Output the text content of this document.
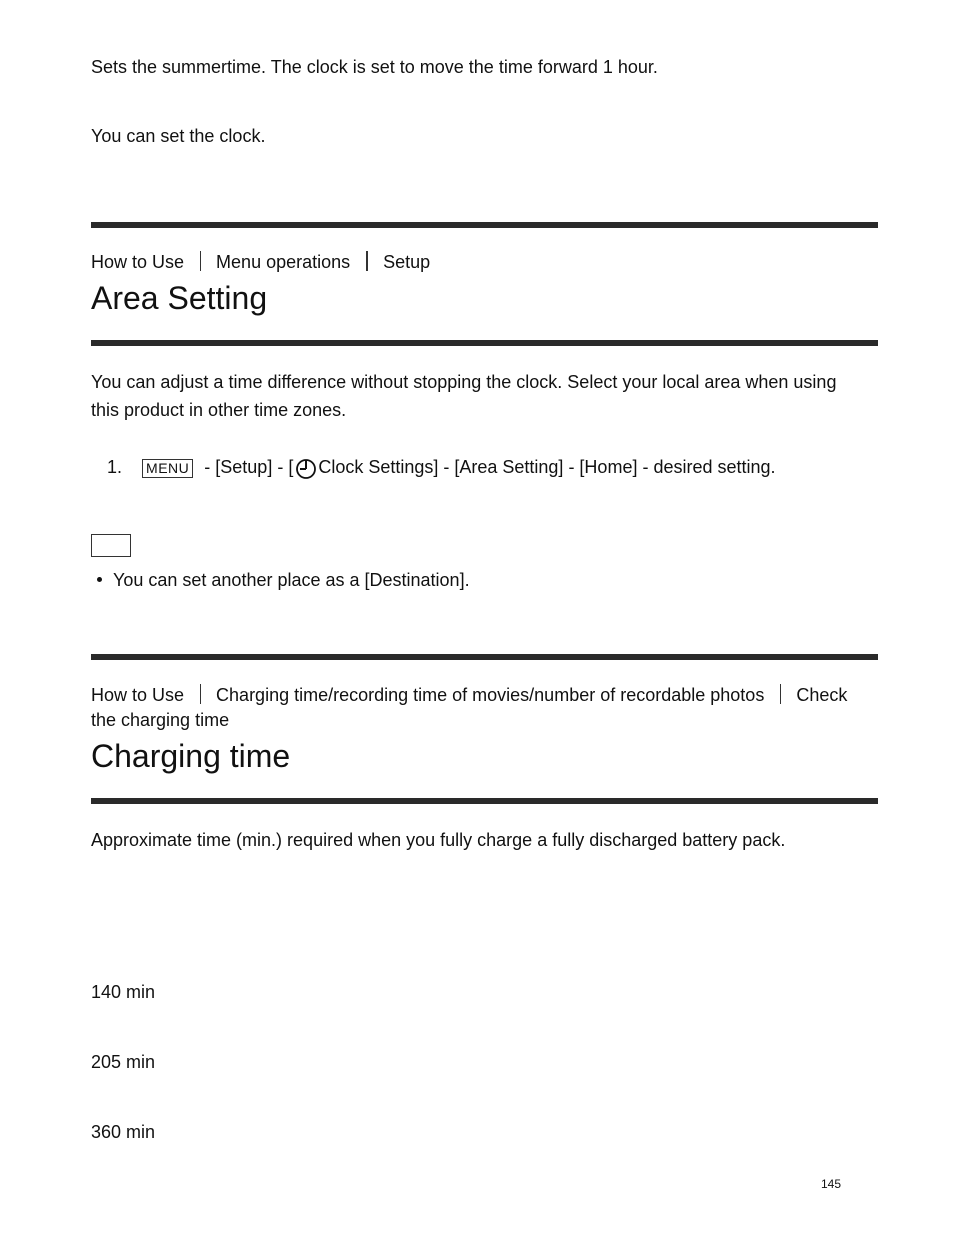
Sets the summertime. The clock is set to move the time forward 1 hour.
You can set the clock.
How to Use Menu operations Setup
Area Setting
You can adjust a time difference without stopping the clock. Select your local area when using
this product in other time zones.
1. MENU - [Setup] - [ Clock Settings] - [Area Setting] - [Home] - desired setting.
You can set another place as a [Destination].
How to Use Charging time/recording time of movies/number of recordable photos Check
the charging time
Charging time
Approximate time (min.) required when you fully charge a fully discharged battery pack.
140 min
205 min
360 min
145
